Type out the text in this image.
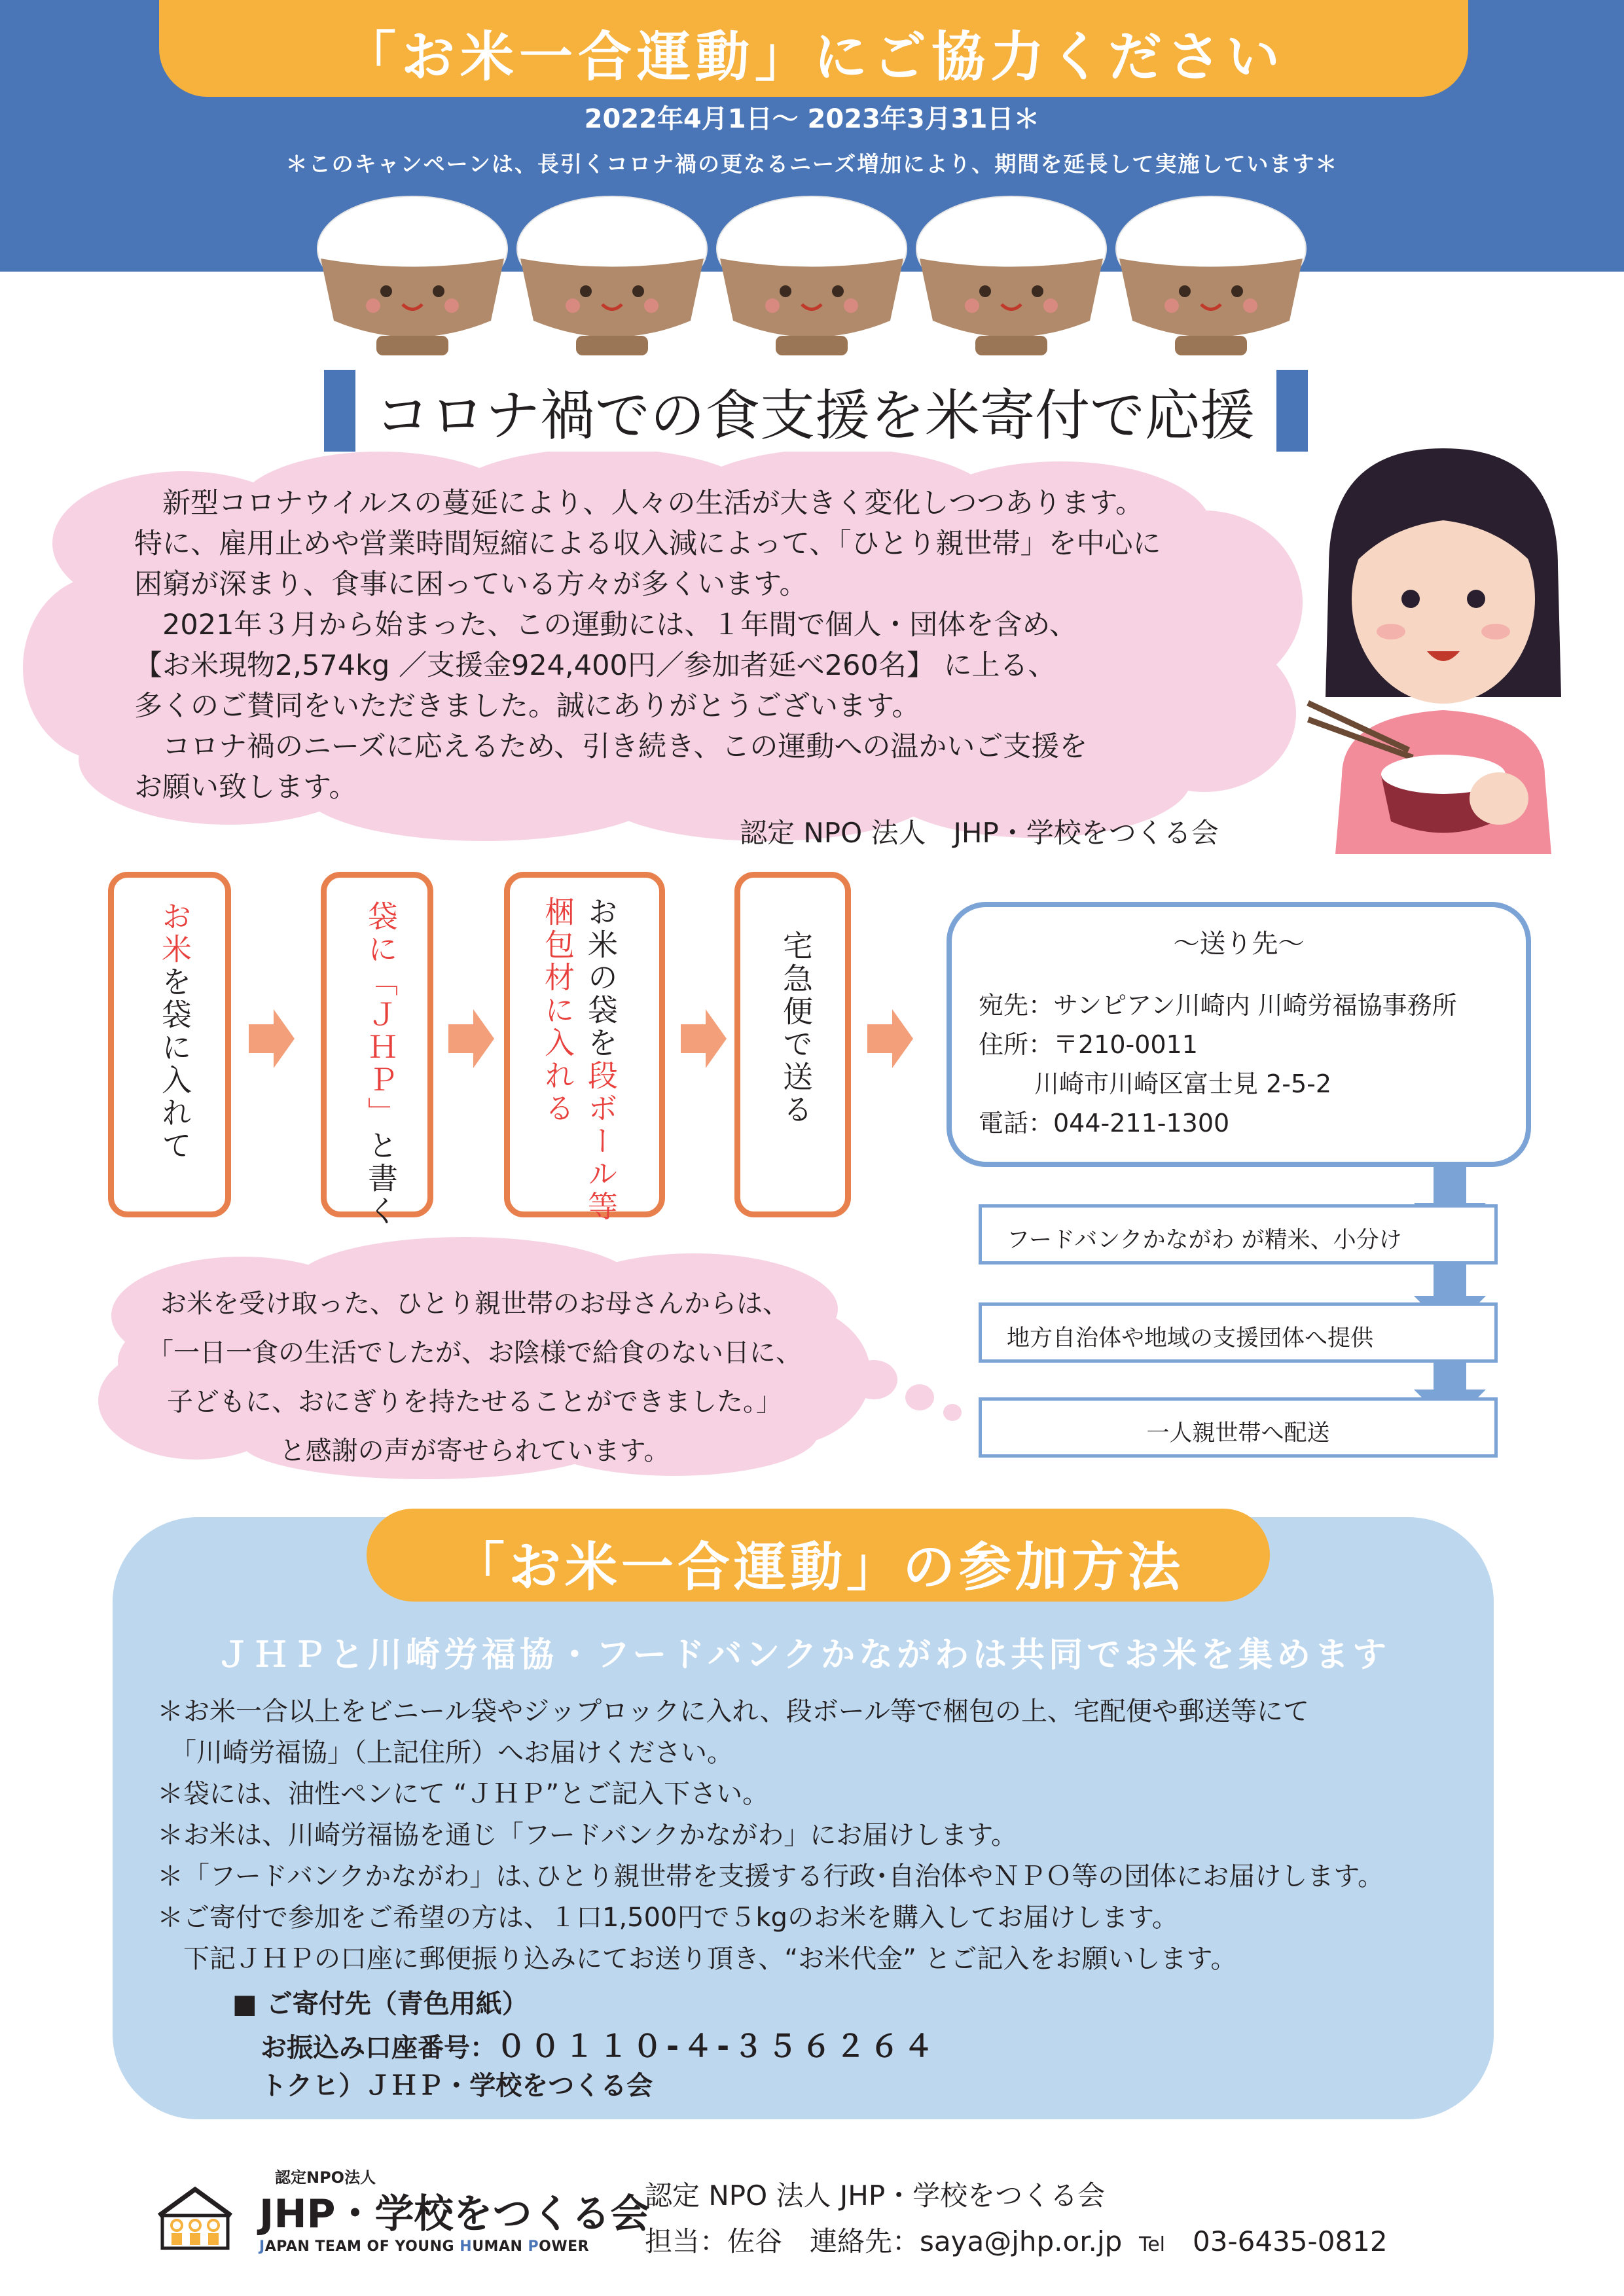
「お米一合運動」にご協力ください
2022年4月1日～ 2023年3月31日＊
＊このキャンペーンは、長引くコロナ禍の更なるニーズ増加により、期間を延長して実施しています＊
コロナ禍での食支援を米寄付で応援

　新型コロナウイルスの蔓延により、人々の生活が大きく変化しつつあります。

特に、雇用止めや営業時間短縮による収入減によって、「ひとり親世帯」を中心に

困窮が深まり、食事に困っている方々が多くいます。

　2021年３月から始まった、この運動には、１年間で個人・団体を含め、

【お米現物2,574kg ／支援金924,400円／参加者延べ260名】 に上る、

多くのご賛同をいただきました。誠にありがとうございます。

　コロナ禍のニーズに応えるため、引き続き、この運動への温かいご支援を

お願い致します。

認定 NPO 法人　JHP・学校をつくる会
お米を袋に入れて	袋に「ＪＨＰ」と書く
お米の袋を段ボール等
梱包材に入れる	宅急便で送る	～送り先～
宛先：サンピアン川崎内 川崎労福協事務所
住所：〒210‐0011
川崎市川崎区富士見 2-5-2
電話：044-211-1300
フードバンクかながわ が精米、小分け
地方自治体や地域の支援団体へ提供
一人親世帯へ配送

お米を受け取った、ひとり親世帯のお母さんからは、

「一日一食の生活でしたが、お陰様で給食のない日に、

子どもに、おにぎりを持たせることができました。」

と感謝の声が寄せられています。

「お米一合運動」の参加方法
ＪＨＰと川崎労福協・フードバンクかながわは共同でお米を集めます
＊お米一合以上をビニール袋やジップロックに入れ、段ボール等で梱包の上、宅配便や郵送等にて
　「川崎労福協」（上記住所）へお届けください。
＊袋には、油性ペンにて “ＪＨＰ”とご記入下さい。
＊お米は、川崎労福協を通じ「フードバンクかながわ」にお届けします。
＊「フードバンクかながわ」は､ひとり親世帯を支援する行政･自治体やＮＰＯ等の団体にお届けします。
＊ご寄付で参加をご希望の方は、１口1,500円で５kgのお米を購入してお届けします。
　下記ＪＨＰの口座に郵便振り込みにてお送り頂き、“お米代金” とご記入をお願いします。
■ ご寄付先（青色用紙）
お振込み口座番号：００１１０-４-３５６２６４
トクヒ）ＪＨＰ・学校をつくる会
認定NPO法人
JHP・学校をつくる会
JAPAN TEAM OF YOUNG HUMAN POWER
認定 NPO 法人 JHP・学校をつくる会
担当：佐谷　連絡先：saya@jhp.or.jp Tel　 03-6435-0812
